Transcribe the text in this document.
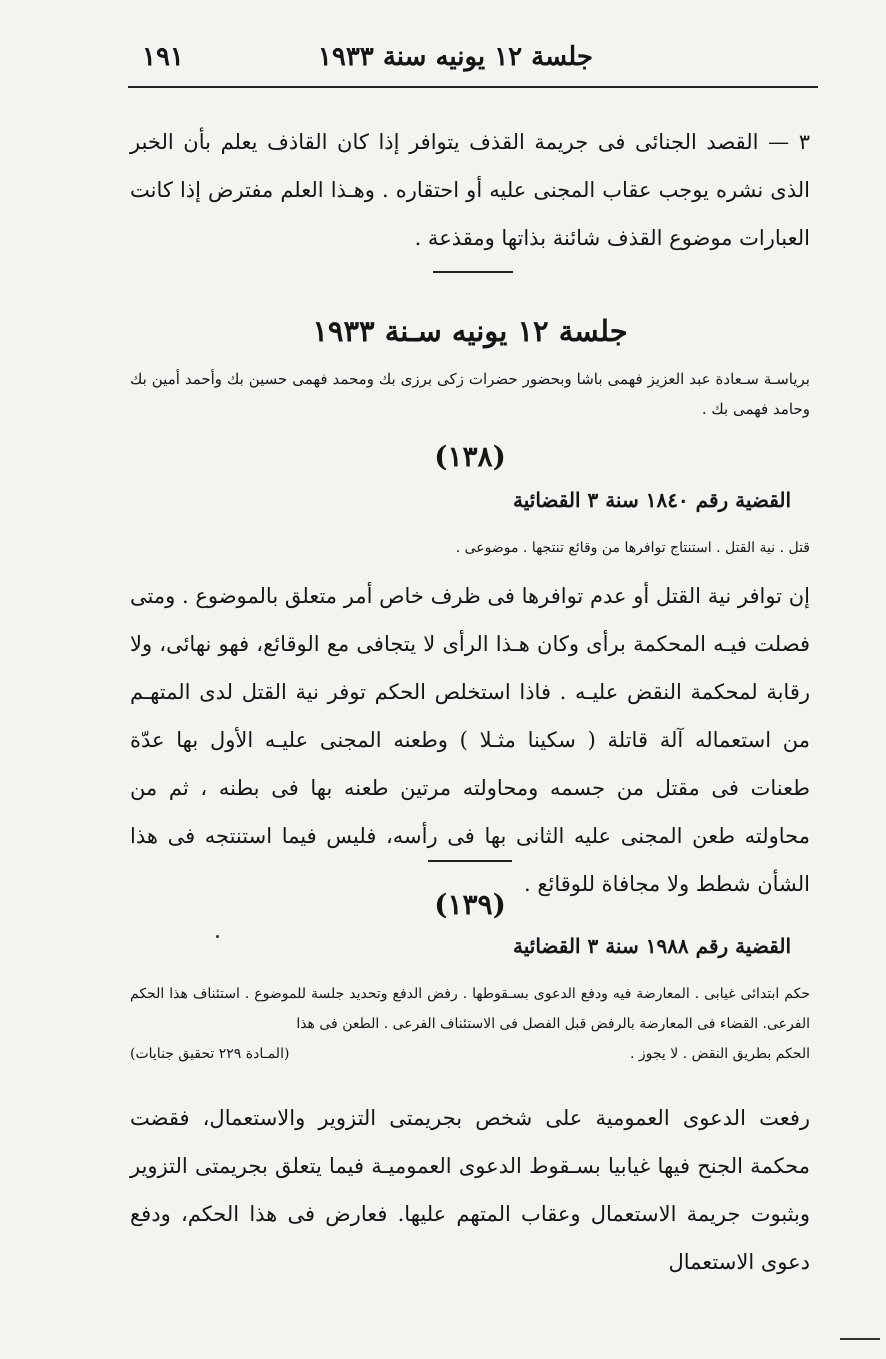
جلسة ١٢ يونيه سنة ١٩٣٣
١٩١
٣ — القصد الجنائى فى جريمة القذف يتوافر إذا كان القاذف يعلم بأن الخبر الذى نشره يوجب عقاب المجنى عليه أو احتقاره . وهـذا العلم مفترض إذا كانت العبارات موضوع القذف شائنة بذاتها ومقذعة .
جلسة ١٢ يونيه سـنة ١٩٣٣
برياسـة سـعادة عبد العزيز فهمى باشا وبحضور حضرات زكى برزى بك ومحمد فهمى حسين بك وأحمد أمين بك وحامد فهمى بك .
(١٣٨)
القضية رقم ١٨٤٠ سنة ٣ القضائية
قتل . نية القتل . استنتاج توافرها من وقائع تنتجها . موضوعى .
إن توافر نية القتل أو عدم توافرها فى ظرف خاص أمر متعلق بالموضوع . ومتى فصلت فيـه المحكمة برأى وكان هـذا الرأى لا يتجافى مع الوقائع، فهو نهائى، ولا رقابة لمحكمة النقض عليـه . فاذا استخلص الحكم توفر نية القتل لدى المتهـم من استعماله آلة قاتلة ( سكينا مثـلا ) وطعنه المجنى عليـه الأول بها عدّة طعنات فى مقتل من جسمه ومحاولته مرتين طعنه بها فى بطنه ، ثم من محاولته طعن المجنى عليه الثانى بها فى رأسه، فليس فيما استنتجه فى هذا الشأن شطط ولا مجافاة للوقائع .
(١٣٩)
القضية رقم ١٩٨٨ سنة ٣ القضائية
حكم ابتدائى غيابى . المعارضة فيه ودفع الدعوى بسـقوطها . رفض الدفع وتحديد جلسة للموضوع . استئناف هذا الحكم الفرعى. القضاء فى المعارضة بالرفض قبل الفصل فى الاستئناف الفرعى . الطعن فى هذا
الحكم بطريق النقض . لا يجوز .
(المـادة ٢٢٩ تحقيق جنايات)
رفعت الدعوى العمومية على شخص بجريمتى التزوير والاستعمال، فقضت محكمة الجنح فيها غيابيا بسـقوط الدعوى العموميـة فيما يتعلق بجريمتى التزوير وبثبوت جريمة الاستعمال وعقاب المتهم عليها. فعارض فى هذا الحكم، ودفع دعوى الاستعمال
